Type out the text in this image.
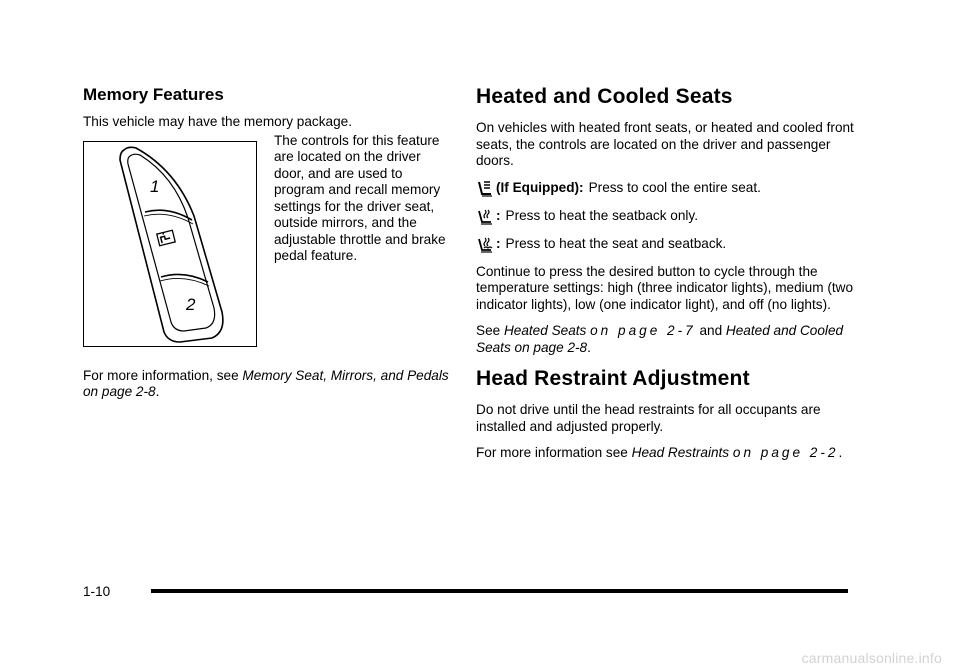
Memory Features

This vehicle may have the memory package.

1
2
The controls for this feature are located on the driver door, and are used to program and recall memory settings for the driver seat, outside mirrors, and the adjustable throttle and brake pedal feature.

For more information, see Memory Seat, Mirrors, and Pedals on page 2-8.

Heated and Cooled Seats

On vehicles with heated front seats, or heated and cooled front seats, the controls are located on the driver and passenger doors.

(If Equipped): Press to cool the entire seat.
: Press to heat the seatback only.
: Press to heat the seat and seatback.

Continue to press the desired button to cycle through the temperature settings: high (three indicator lights), medium (two indicator lights), low (one indicator light), and off (no lights).

See Heated Seats on page 2-7 and Heated and Cooled Seats on page 2-8.

Head Restraint Adjustment

Do not drive until the head restraints for all occupants are installed and adjusted properly.

For more information see Head Restraints on page 2-2.

1-10
carmanualsonline.info
